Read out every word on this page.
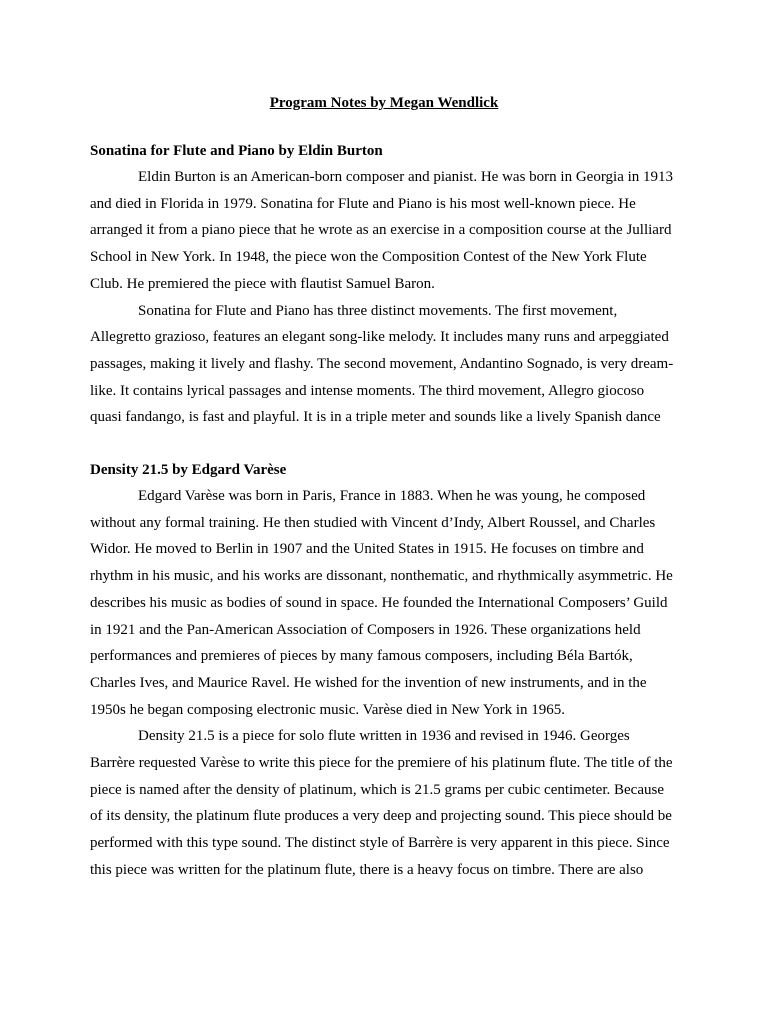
Program Notes by Megan Wendlick

Sonatina for Flute and Piano by Eldin Burton

Eldin Burton is an American-born composer and pianist. He was born in Georgia in 1913 and died in Florida in 1979. Sonatina for Flute and Piano is his most well-known piece. He arranged it from a piano piece that he wrote as an exercise in a composition course at the Julliard School in New York. In 1948, the piece won the Composition Contest of the New York Flute Club. He premiered the piece with flautist Samuel Baron.

Sonatina for Flute and Piano has three distinct movements. The first movement, Allegretto grazioso, features an elegant song-like melody. It includes many runs and arpeggiated passages, making it lively and flashy. The second movement, Andantino Sognado, is very dream-like. It contains lyrical passages and intense moments. The third movement, Allegro giocoso quasi fandango, is fast and playful. It is in a triple meter and sounds like a lively Spanish dance

Density 21.5 by Edgard Varèse

Edgard Varèse was born in Paris, France in 1883. When he was young, he composed without any formal training. He then studied with Vincent d’Indy, Albert Roussel, and Charles Widor. He moved to Berlin in 1907 and the United States in 1915. He focuses on timbre and rhythm in his music, and his works are dissonant, nonthematic, and rhythmically asymmetric. He describes his music as bodies of sound in space. He founded the International Composers’ Guild in 1921 and the Pan-American Association of Composers in 1926. These organizations held performances and premieres of pieces by many famous composers, including Béla Bartók, Charles Ives, and Maurice Ravel. He wished for the invention of new instruments, and in the 1950s he began composing electronic music. Varèse died in New York in 1965.

Density 21.5 is a piece for solo flute written in 1936 and revised in 1946. Georges Barrère requested Varèse to write this piece for the premiere of his platinum flute. The title of the piece is named after the density of platinum, which is 21.5 grams per cubic centimeter. Because of its density, the platinum flute produces a very deep and projecting sound. This piece should be performed with this type sound. The distinct style of Barrère is very apparent in this piece. Since this piece was written for the platinum flute, there is a heavy focus on timbre. There are also
